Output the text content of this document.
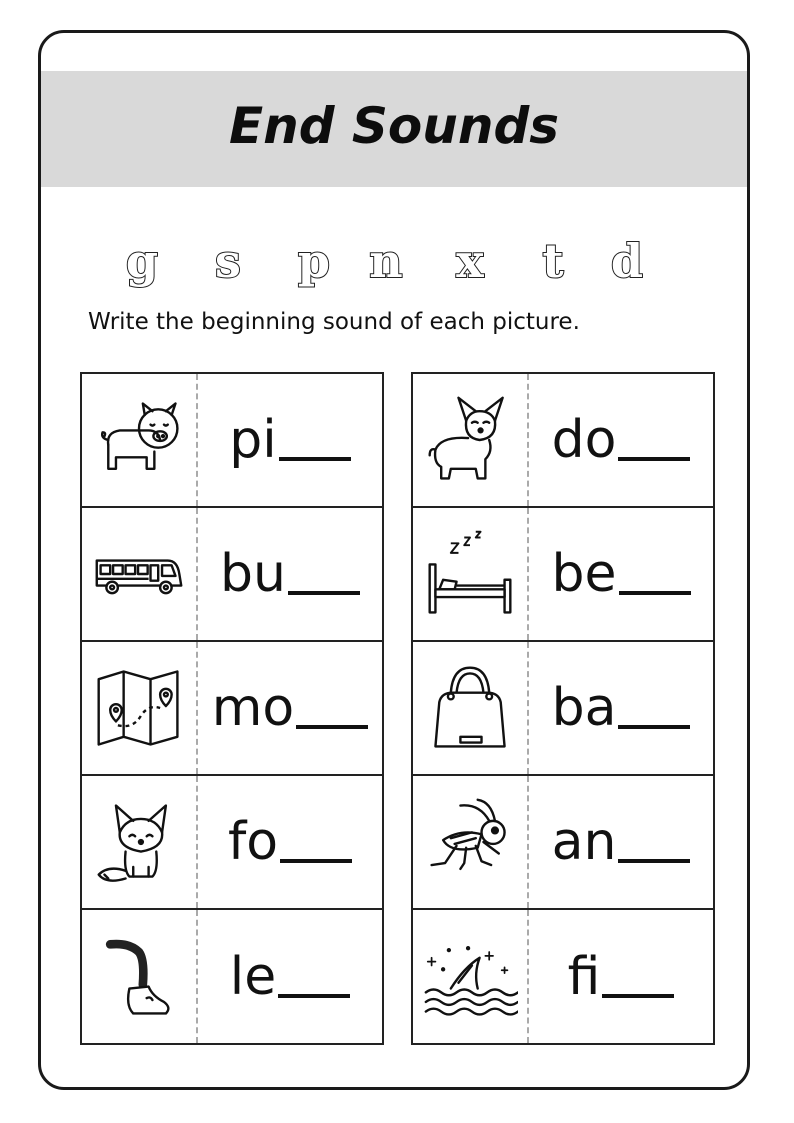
End Sounds
g	s	p n	x	t	d
Write the beginning sound of each picture.
pi
bu
mo
fo
le
do
be
ba
an
fi
